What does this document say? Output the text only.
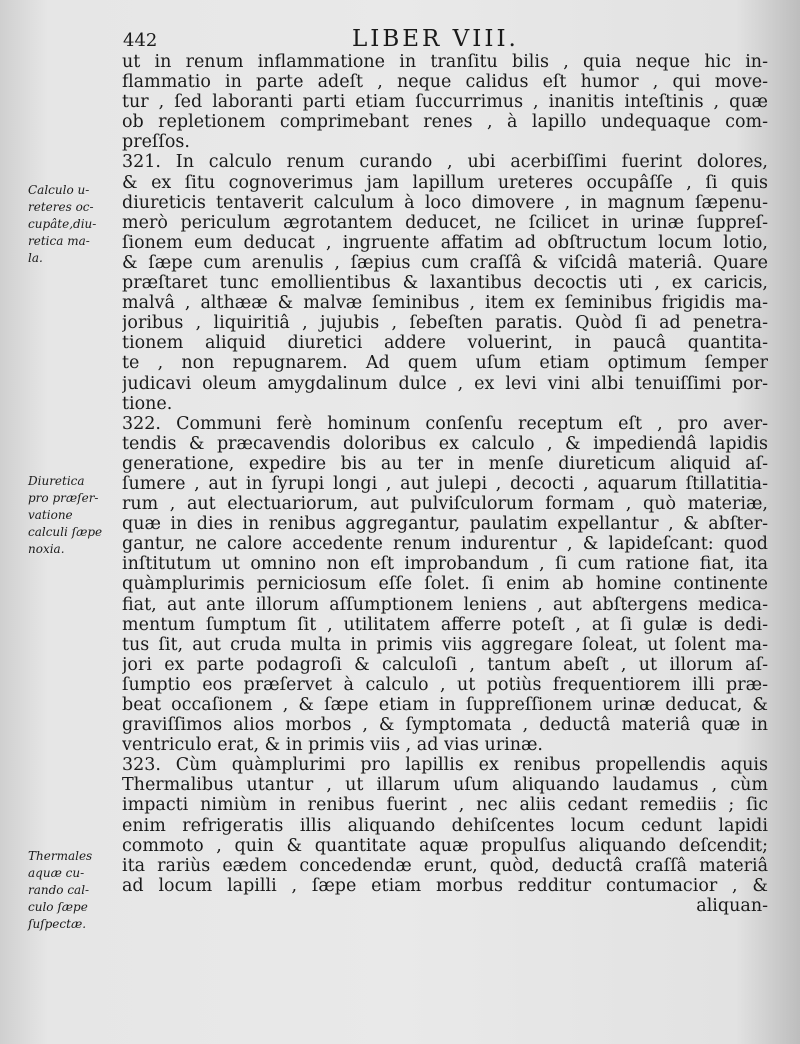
442	LIBER VIII.
ut in renum inflammatione in tranſitu bilis , quia neque hic in-
flammatio in parte adeſt , neque calidus eſt humor , qui move-
tur , ſed laboranti parti etiam ſuccurrimus , inanitis inteſtinis , quæ
ob repletionem comprimebant renes , à lapillo undequaque com-
preſſos.
321. In calculo renum curando , ubi acerbiſſimi fuerint dolores,
& ex ſitu cognoverimus jam lapillum ureteres occupâſſe , ſi quis
diureticis tentaverit calculum à loco dimovere , in magnum ſæpenu-
merò periculum ægrotantem deducet, ne ſcilicet in urinæ ſuppreſ-
ſionem eum deducat , ingruente affatim ad obſtructum locum lotio,
& ſæpe cum arenulis , ſæpius cum craſſâ & viſcidâ materiâ. Quare
præſtaret tunc emollientibus & laxantibus decoctis uti , ex caricis,
malvâ , althææ & malvæ ſeminibus , item ex ſeminibus frigidis ma-
joribus , liquiritiâ , jujubis , ſebeſten paratis. Quòd ſi ad penetra-
tionem aliquid diuretici addere voluerint, in paucâ quantita-
te , non repugnarem. Ad quem uſum etiam optimum ſemper
judicavi oleum amygdalinum dulce , ex levi vini albi tenuiſſimi por-
tione.
322. Communi ferè hominum conſenſu receptum eſt , pro aver-
tendis & præcavendis doloribus ex calculo , & impediendâ lapidis
generatione, expedire bis au ter in menſe diureticum aliquid aſ-
ſumere , aut in ſyrupi longi , aut julepi , decocti , aquarum ſtillatitia-
rum , aut electuariorum, aut pulviſculorum formam , quò materiæ,
quæ in dies in renibus aggregantur, paulatim expellantur , & abſter-
gantur, ne calore accedente renum indurentur , & lapideſcant: quod
inſtitutum ut omnino non eſt improbandum , ſi cum ratione fiat, ita
quàmplurimis perniciosum eſſe ſolet. ſi enim ab homine continente
fiat, aut ante illorum aſſumptionem leniens , aut abſtergens medica-
mentum ſumptum ſit , utilitatem afferre poteſt , at ſi gulæ is dedi-
tus ſit, aut cruda multa in primis viis aggregare ſoleat, ut ſolent ma-
jori ex parte podagroſi & calculoſi , tantum abeſt , ut illorum aſ-
ſumptio eos præſervet à calculo , ut potiùs frequentiorem illi præ-
beat occaſionem , & ſæpe etiam in ſuppreſſionem urinæ deducat, &
graviſſimos alios morbos , & ſymptomata , deductâ materiâ quæ in
ventriculo erat, & in primis viis , ad vias urinæ.
323. Cùm quàmplurimi pro lapillis ex renibus propellendis aquis
Thermalibus utantur , ut illarum uſum aliquando laudamus , cùm
impacti nimiùm in renibus fuerint , nec aliis cedant remediis ; ſic
enim refrigeratis illis aliquando dehiſcentes locum cedunt lapidi
commoto , quin & quantitate aquæ propulſus aliquando deſcendit;
ita rariùs eædem concedendæ erunt, quòd, deductâ craſſâ materiâ
ad locum lapilli , ſæpe etiam morbus redditur contumacior , &
aliquan-
Calculo u-
reteres oc-
cupâte,diu-
retica ma-
la.
Diuretica
pro præſer-
vatione
calculi ſæpe
noxia.
Thermales
aquæ cu-
rando cal-
culo ſæpe
ſuſpectæ.
